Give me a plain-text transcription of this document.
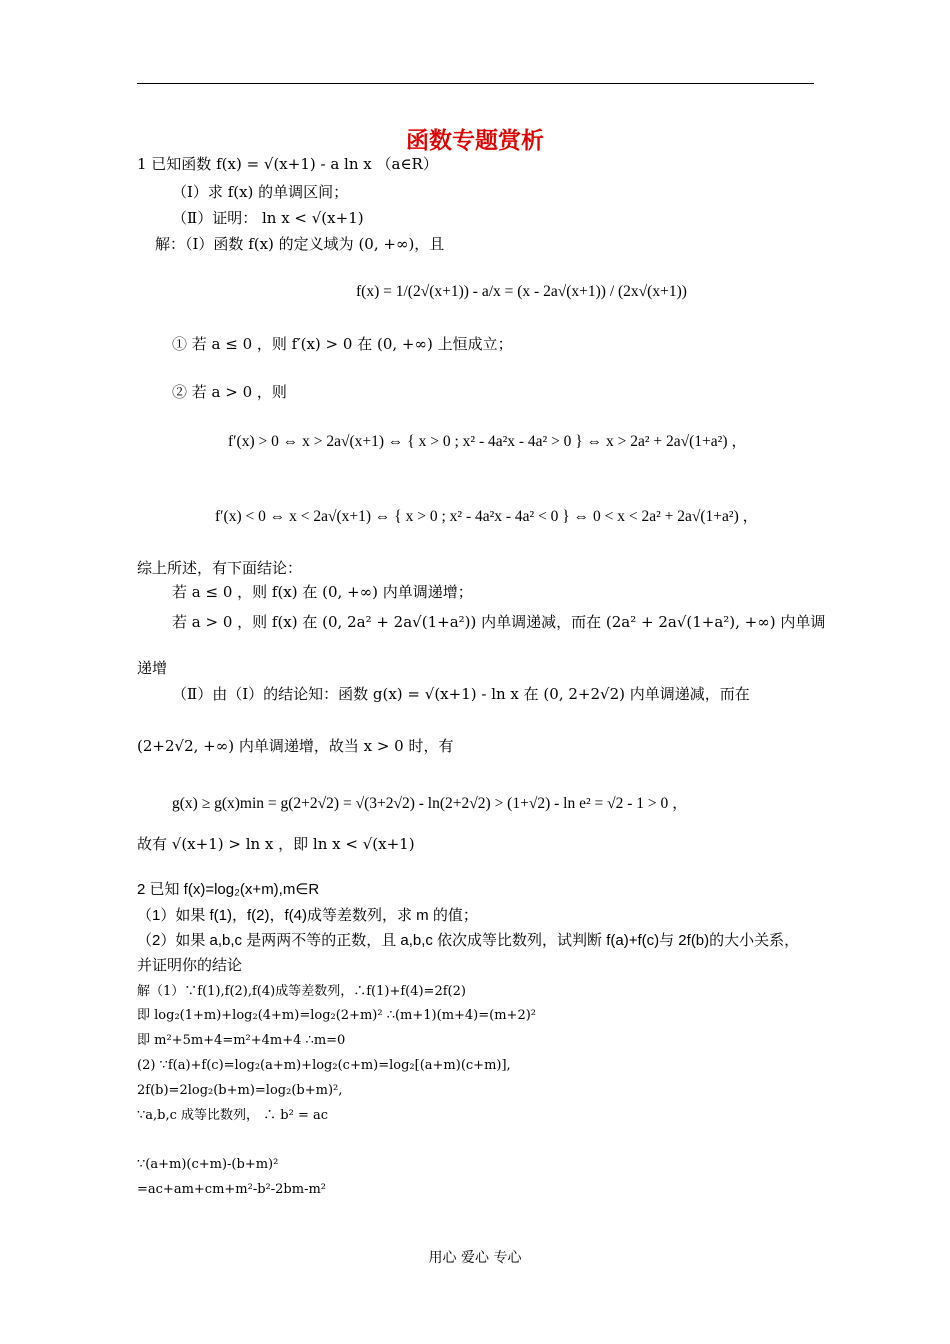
函数专题赏析
1 已知函数 f(x) = √(x+1) - a ln x （a∈R）
（Ⅰ）求 f(x) 的单调区间；
（Ⅱ）证明： ln x < √(x+1)
解：（Ⅰ）函数 f(x) 的定义域为 (0, +∞)，且
f(x) = 1/(2√(x+1)) - a/x = (x - 2a√(x+1)) / (2x√(x+1))
① 若 a ≤ 0 ，则 f′(x) > 0 在 (0, +∞) 上恒成立；
② 若 a > 0 ，则
f′(x) > 0 ⇔ x > 2a√(x+1) ⇔ { x > 0 ; x² - 4a²x - 4a² > 0 } ⇔ x > 2a² + 2a√(1+a²) ，
f′(x) < 0 ⇔ x < 2a√(x+1) ⇔ { x > 0 ; x² - 4a²x - 4a² < 0 } ⇔ 0 < x < 2a² + 2a√(1+a²) ，
综上所述，有下面结论：
若 a ≤ 0 ，则 f(x) 在 (0, +∞) 内单调递增；
若 a > 0 ，则 f(x) 在 (0, 2a² + 2a√(1+a²)) 内单调递减，而在 (2a² + 2a√(1+a²), +∞) 内单调
递增
（Ⅱ）由（Ⅰ）的结论知：函数 g(x) = √(x+1) - ln x 在 (0, 2+2√2) 内单调递减，而在
(2+2√2, +∞) 内单调递增，故当 x > 0 时，有
g(x) ≥ g(x)min = g(2+2√2) = √(3+2√2) - ln(2+2√2) > (1+√2) - ln e² = √2 - 1 > 0 ，
故有 √(x+1) > ln x ，即 ln x < √(x+1)
2 已知 f(x)=log₂(x+m),m∈R
（1）如果 f(1)，f(2)，f(4)成等差数列，求 m 的值；
（2）如果 a,b,c 是两两不等的正数，且 a,b,c 依次成等比数列，试判断 f(a)+f(c)与 2f(b)的大小关系，
并证明你的结论
解（1）∵f(1),f(2),f(4)成等差数列，∴f(1)+f(4)=2f(2)
即 log₂(1+m)+log₂(4+m)=log₂(2+m)² ∴(m+1)(m+4)=(m+2)²
即 m²+5m+4=m²+4m+4 ∴m=0
(2) ∵f(a)+f(c)=log₂(a+m)+log₂(c+m)=log₂[(a+m)(c+m)],
2f(b)=2log₂(b+m)=log₂(b+m)²,
∵a,b,c 成等比数列， ∴ b² = ac
∵(a+m)(c+m)-(b+m)²
=ac+am+cm+m²-b²-2bm-m²
用心 爱心 专心
